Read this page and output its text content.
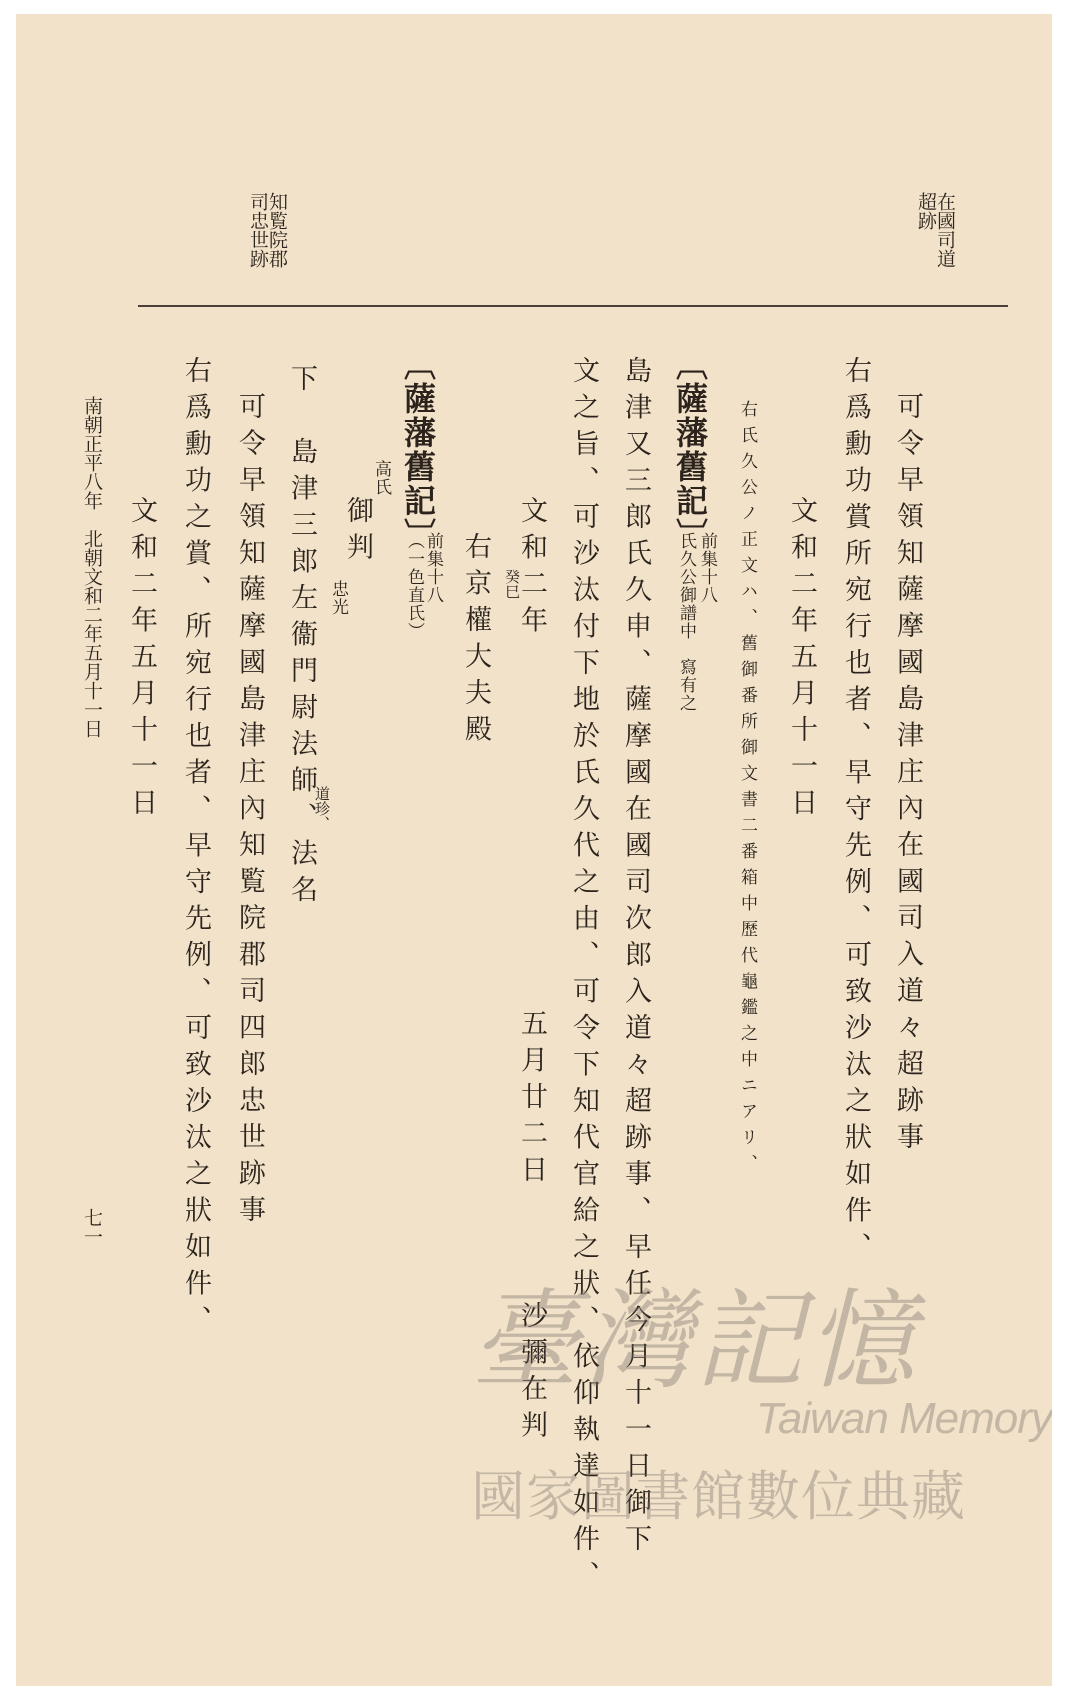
在國司道
超跡
知覧院郡
司忠世跡
可令早領知薩摩國島津庄內在國司入道々超跡事
右爲勳功賞所宛行也者、早守先例、可致沙汰之狀如件、
文和二年五月十一日
右氏久公ノ正文ハ、舊御番所御文書二番箱中歷代龜鑑之中ニアリ、
〔薩藩舊記〕
前集十八
氏久公御譜中　寫有之
島津又三郎氏久申、薩摩國在國司次郎入道々超跡事、早任今月十一日御下
文之旨、可沙汰付下地於氏久代之由、可令下知代官給之狀、依仰執達如件、
文和二年
癸巳
五月廿二日　　　沙彌在判
右京權大夫殿
〔薩藩舊記〕
前集十八
（一色直氏）
高氏
御判
下　島津三郎左衞門尉法師、法名 忠光
道珍、
可令早領知薩摩國島津庄內知覧院郡司四郎忠世跡事
右爲勳功之賞、所宛行也者、早守先例、可致沙汰之狀如件、
文和二年五月十一日
南朝正平八年　北朝文和二年五月十一日
七一
臺灣記憶
Taiwan Memory
國家圖書館數位典藏
